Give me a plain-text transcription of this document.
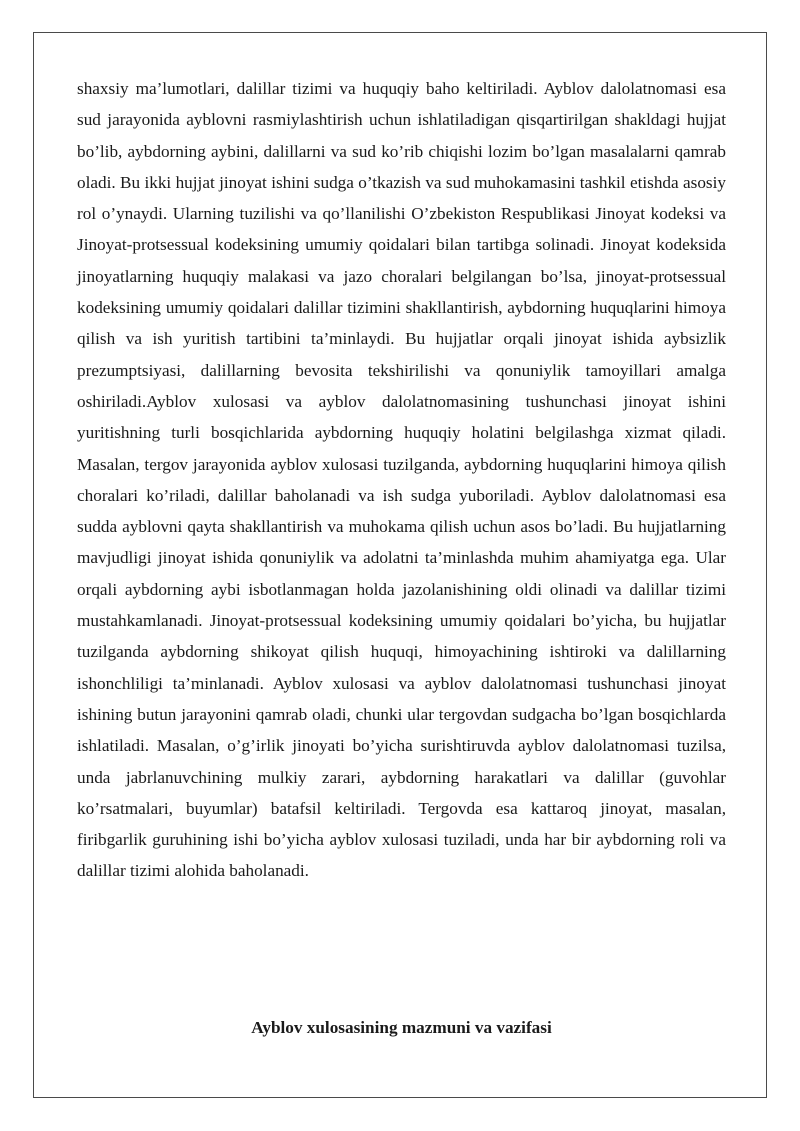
shaxsiy ma’lumotlari, dalillar tizimi va huquqiy baho keltiriladi. Ayblov dalolatnomasi esa sud jarayonida ayblovni rasmiylashtirish uchun ishlatiladigan qisqartirilgan shakldagi hujjat bo’lib, aybdorning aybini, dalillarni va sud ko’rib chiqishi lozim bo’lgan masalalarni qamrab oladi. Bu ikki hujjat jinoyat ishini sudga o’tkazish va sud muhokamasini tashkil etishda asosiy rol o’ynaydi. Ularning tuzilishi va qo’llanilishi O’zbekiston Respublikasi Jinoyat kodeksi va Jinoyat-protsessual kodeksining umumiy qoidalari bilan tartibga solinadi. Jinoyat kodeksida jinoyatlarning huquqiy malakasi va jazo choralari belgilangan bo’lsa, jinoyat-protsessual kodeksining umumiy qoidalari dalillar tizimini shakllantirish, aybdorning huquqlarini himoya qilish va ish yuritish tartibini ta’minlaydi. Bu hujjatlar orqali jinoyat ishida aybsizlik prezumptsiyasi, dalillarning bevosita tekshirilishi va qonuniylik tamoyillari amalga oshiriladi.Ayblov xulosasi va ayblov dalolatnomasining tushunchasi jinoyat ishini yuritishning turli bosqichlarida aybdorning huquqiy holatini belgilashga xizmat qiladi. Masalan, tergov jarayonida ayblov xulosasi tuzilganda, aybdorning huquqlarini himoya qilish choralari ko’riladi, dalillar baholanadi va ish sudga yuboriladi. Ayblov dalolatnomasi esa sudda ayblovni qayta shakllantirish va muhokama qilish uchun asos bo’ladi. Bu hujjatlarning mavjudligi jinoyat ishida qonuniylik va adolatni ta’minlashda muhim ahamiyatga ega. Ular orqali aybdorning aybi isbotlanmagan holda jazolanishining oldi olinadi va dalillar tizimi mustahkamlanadi. Jinoyat-protsessual kodeksining umumiy qoidalari bo’yicha, bu hujjatlar tuzilganda aybdorning shikoyat qilish huquqi, himoyachining ishtiroki va dalillarning ishonchliligi ta’minlanadi. Ayblov xulosasi va ayblov dalolatnomasi tushunchasi jinoyat ishining butun jarayonini qamrab oladi, chunki ular tergovdan sudgacha bo’lgan bosqichlarda ishlatiladi. Masalan, o’g’irlik jinoyati bo’yicha surishtiruvda ayblov dalolatnomasi tuzilsa, unda jabrlanuvchining mulkiy zarari, aybdorning harakatlari va dalillar (guvohlar ko’rsatmalari, buyumlar) batafsil keltiriladi. Tergovda esa kattaroq jinoyat, masalan, firibgarlik guruhining ishi bo’yicha ayblov xulosasi tuziladi, unda har bir aybdorning roli va dalillar tizimi alohida baholanadi.

Ayblov xulosasining mazmuni va vazifasi
